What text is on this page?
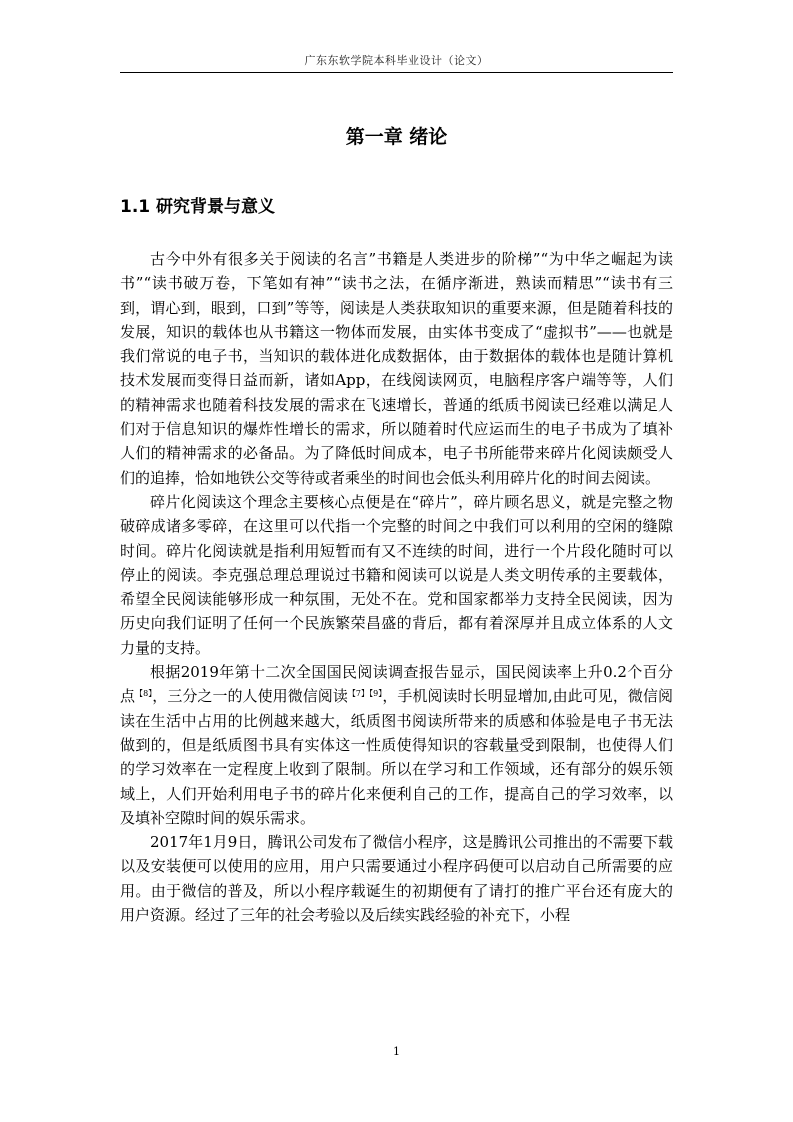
广东东软学院本科毕业设计（论文）
第一章 绪论
1.1 研究背景与意义

古今中外有很多关于阅读的名言”书籍是人类进步的阶梯”“为中华之崛起为读书”“读书破万卷，下笔如有神”“读书之法，在循序渐进，熟读而精思”“读书有三到，谓心到，眼到，口到”等等，阅读是人类获取知识的重要来源，但是随着科技的发展，知识的载体也从书籍这一物体而发展，由实体书变成了“虚拟书”——也就是我们常说的电子书，当知识的载体进化成数据体，由于数据体的载体也是随计算机技术发展而变得日益而新，诸如App，在线阅读网页，电脑程序客户端等等，人们的精神需求也随着科技发展的需求在飞速增长，普通的纸质书阅读已经难以满足人们对于信息知识的爆炸性增长的需求，所以随着时代应运而生的电子书成为了填补人们的精神需求的必备品。为了降低时间成本，电子书所能带来碎片化阅读颇受人们的追捧，恰如地铁公交等待或者乘坐的时间也会低头利用碎片化的时间去阅读。

碎片化阅读这个理念主要核心点便是在“碎片”，碎片顾名思义，就是完整之物破碎成诸多零碎，在这里可以代指一个完整的时间之中我们可以利用的空闲的缝隙时间。碎片化阅读就是指利用短暂而有又不连续的时间，进行一个片段化随时可以停止的阅读。李克强总理总理说过书籍和阅读可以说是人类文明传承的主要载体，希望全民阅读能够形成一种氛围，无处不在。党和国家都举力支持全民阅读，因为历史向我们证明了任何一个民族繁荣昌盛的背后，都有着深厚并且成立体系的人文力量的支持。

根据2019年第十二次全国国民阅读调查报告显示，国民阅读率上升0.2个百分点$^{【8】}$，三分之一的人使用微信阅读$^{【7】【9】}$，手机阅读时长明显增加,由此可见，微信阅读在生活中占用的比例越来越大，纸质图书阅读所带来的质感和体验是电子书无法做到的，但是纸质图书具有实体这一性质使得知识的容载量受到限制，也使得人们的学习效率在一定程度上收到了限制。所以在学习和工作领域，还有部分的娱乐领域上，人们开始利用电子书的碎片化来便利自己的工作，提高自己的学习效率，以及填补空隙时间的娱乐需求。

2017年1月9日，腾讯公司发布了微信小程序，这是腾讯公司推出的不需要下载以及安装便可以使用的应用，用户只需要通过小程序码便可以启动自己所需要的应用。由于微信的普及，所以小程序载诞生的初期便有了请打的推广平台还有庞大的用户资源。经过了三年的社会考验以及后续实践经验的补充下，小程

1
